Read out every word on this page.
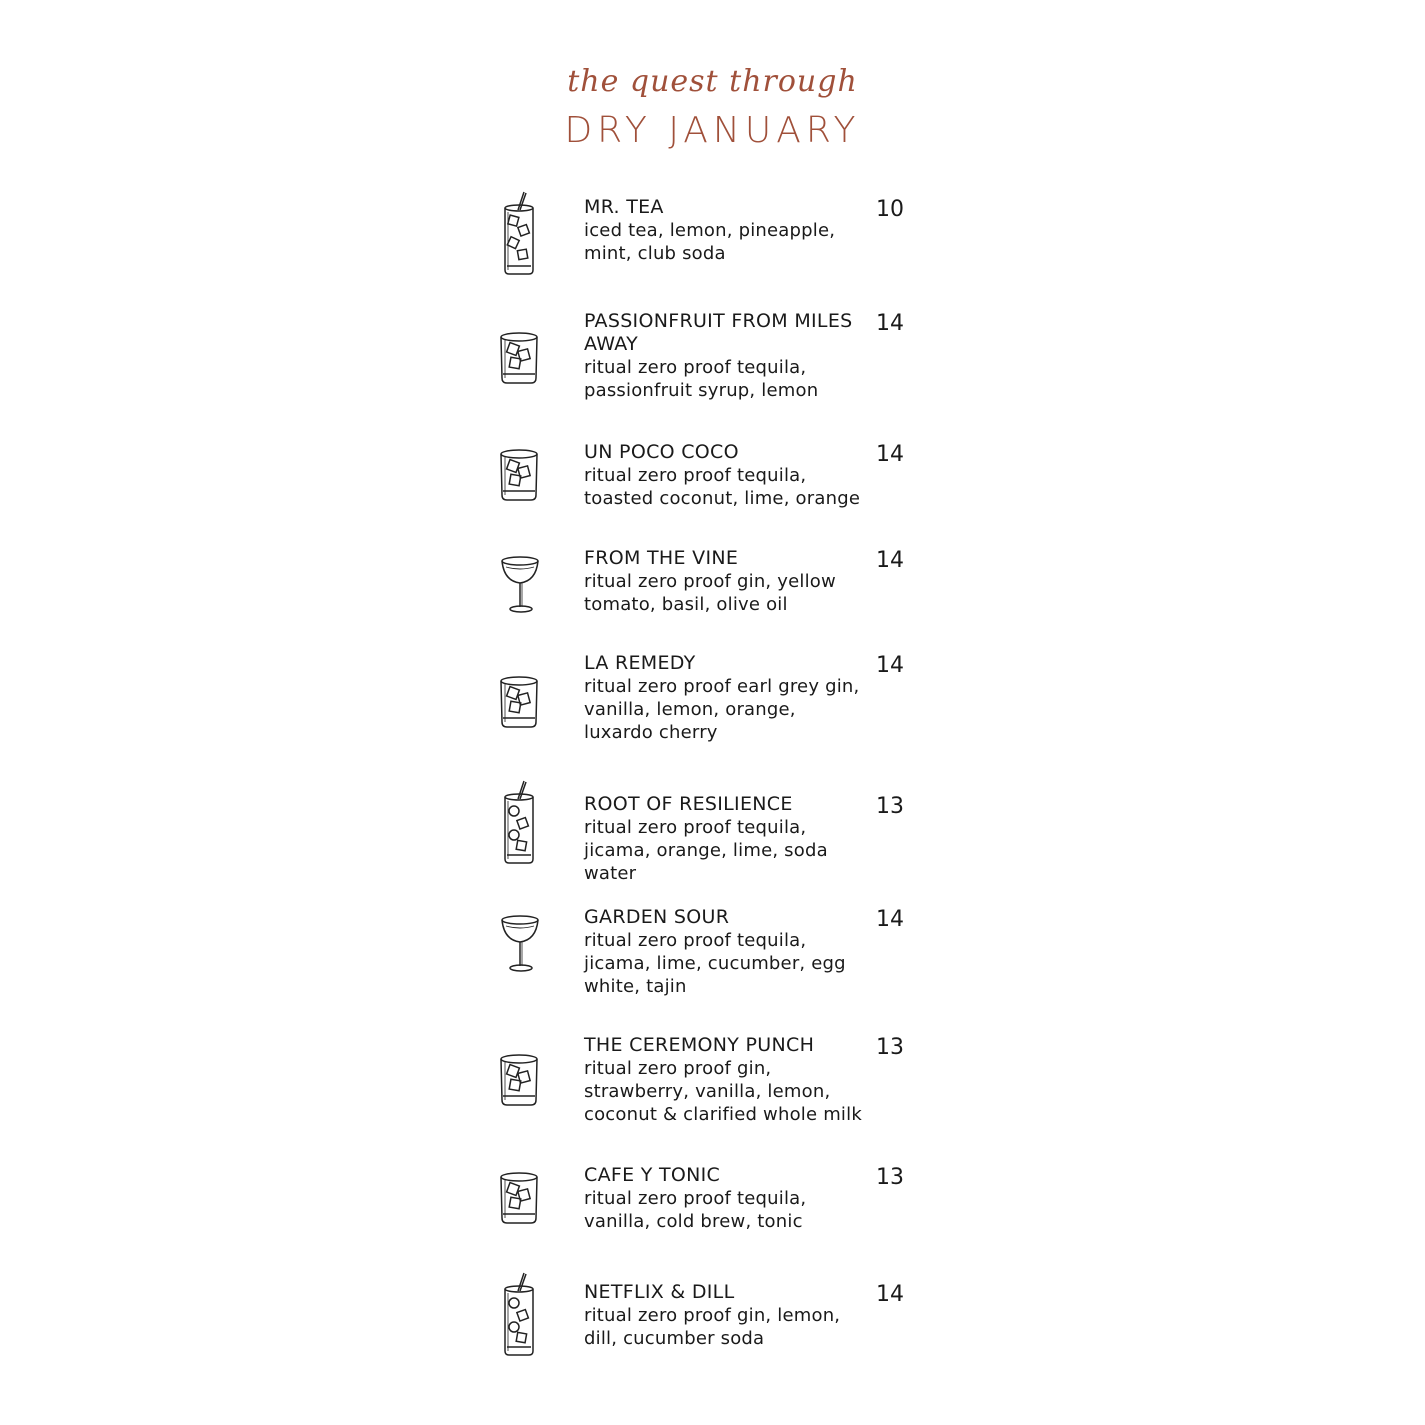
the quest through
DRY JANUARY
MR. TEA
iced tea, lemon, pineapple, mint, club soda
10
PASSIONFRUIT FROM MILES AWAY
ritual zero proof tequila, passionfruit syrup, lemon
14
UN POCO COCO
ritual zero proof tequila, toasted coconut, lime, orange
14
FROM THE VINE
ritual zero proof gin, yellow tomato, basil, olive oil
14
LA REMEDY
ritual zero proof earl grey gin, vanilla, lemon, orange, luxardo cherry
14
ROOT OF RESILIENCE
ritual zero proof tequila, jicama, orange, lime, soda water
13
GARDEN SOUR
ritual zero proof tequila, jicama, lime, cucumber, egg white, tajin
14
THE CEREMONY PUNCH
ritual zero proof gin, strawberry, vanilla, lemon, coconut & clarified whole milk
13
CAFE Y TONIC
ritual zero proof tequila, vanilla, cold brew, tonic
13
NETFLIX & DILL
ritual zero proof gin, lemon, dill, cucumber soda
14
